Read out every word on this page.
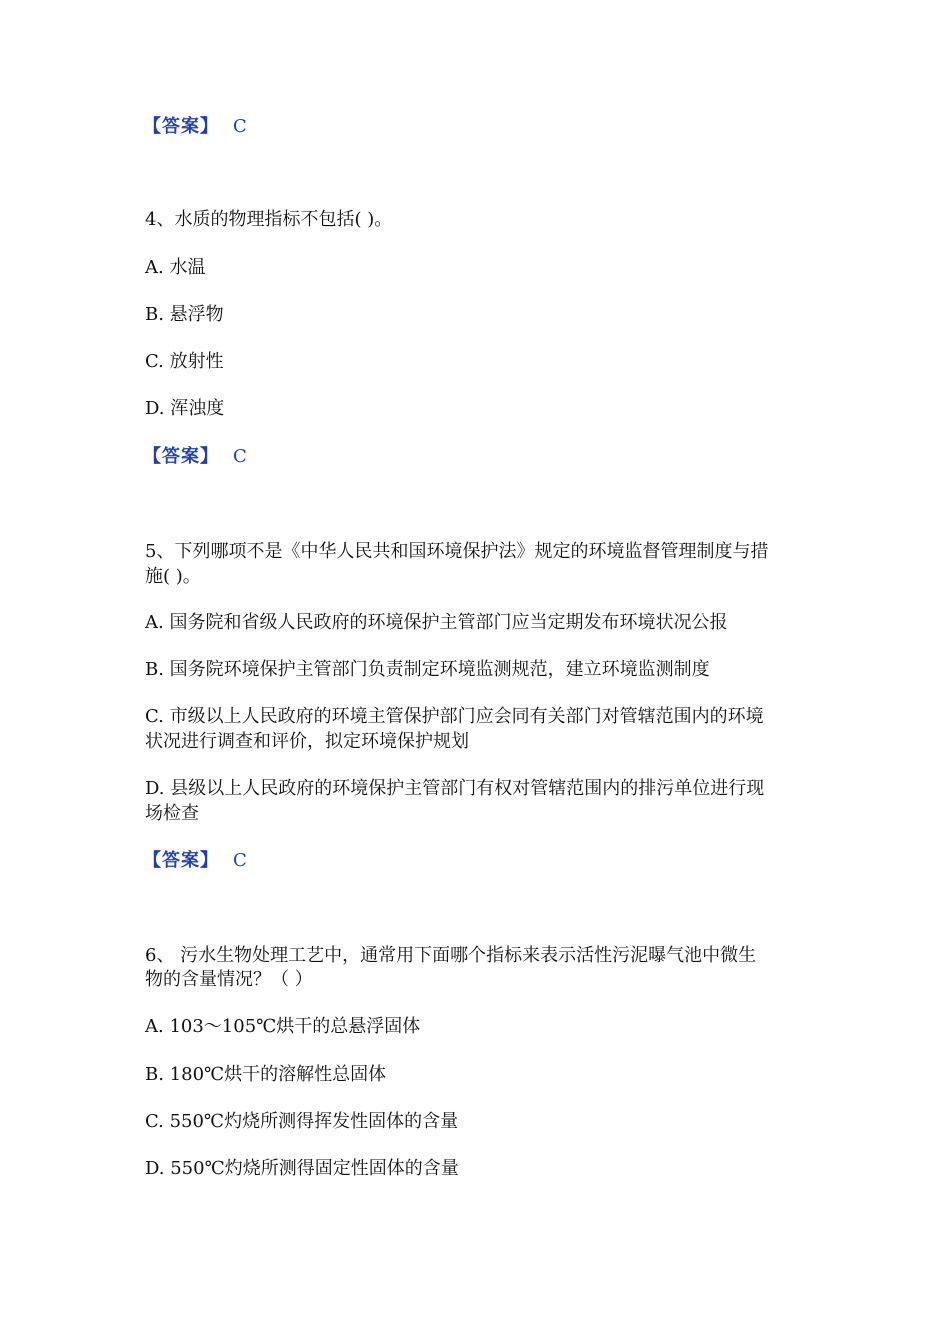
【答案】 C
4、水质的物理指标不包括( )。
A. 水温
B. 悬浮物
C. 放射性
D. 浑浊度
【答案】 C
5、下列哪项不是《中华人民共和国环境保护法》规定的环境监督管理制度与措
施( )。
A. 国务院和省级人民政府的环境保护主管部门应当定期发布环境状况公报
B. 国务院环境保护主管部门负责制定环境监测规范，建立环境监测制度
C. 市级以上人民政府的环境主管保护部门应会同有关部门对管辖范围内的环境
状况进行调查和评价，拟定环境保护规划
D. 县级以上人民政府的环境保护主管部门有权对管辖范围内的排污单位进行现
场检查
【答案】 C
6、 污水生物处理工艺中，通常用下面哪个指标来表示活性污泥曝气池中微生
物的含量情况？（ ）
A. 103～105℃烘干的总悬浮固体
B. 180℃烘干的溶解性总固体
C. 550℃灼烧所测得挥发性固体的含量
D. 550℃灼烧所测得固定性固体的含量
